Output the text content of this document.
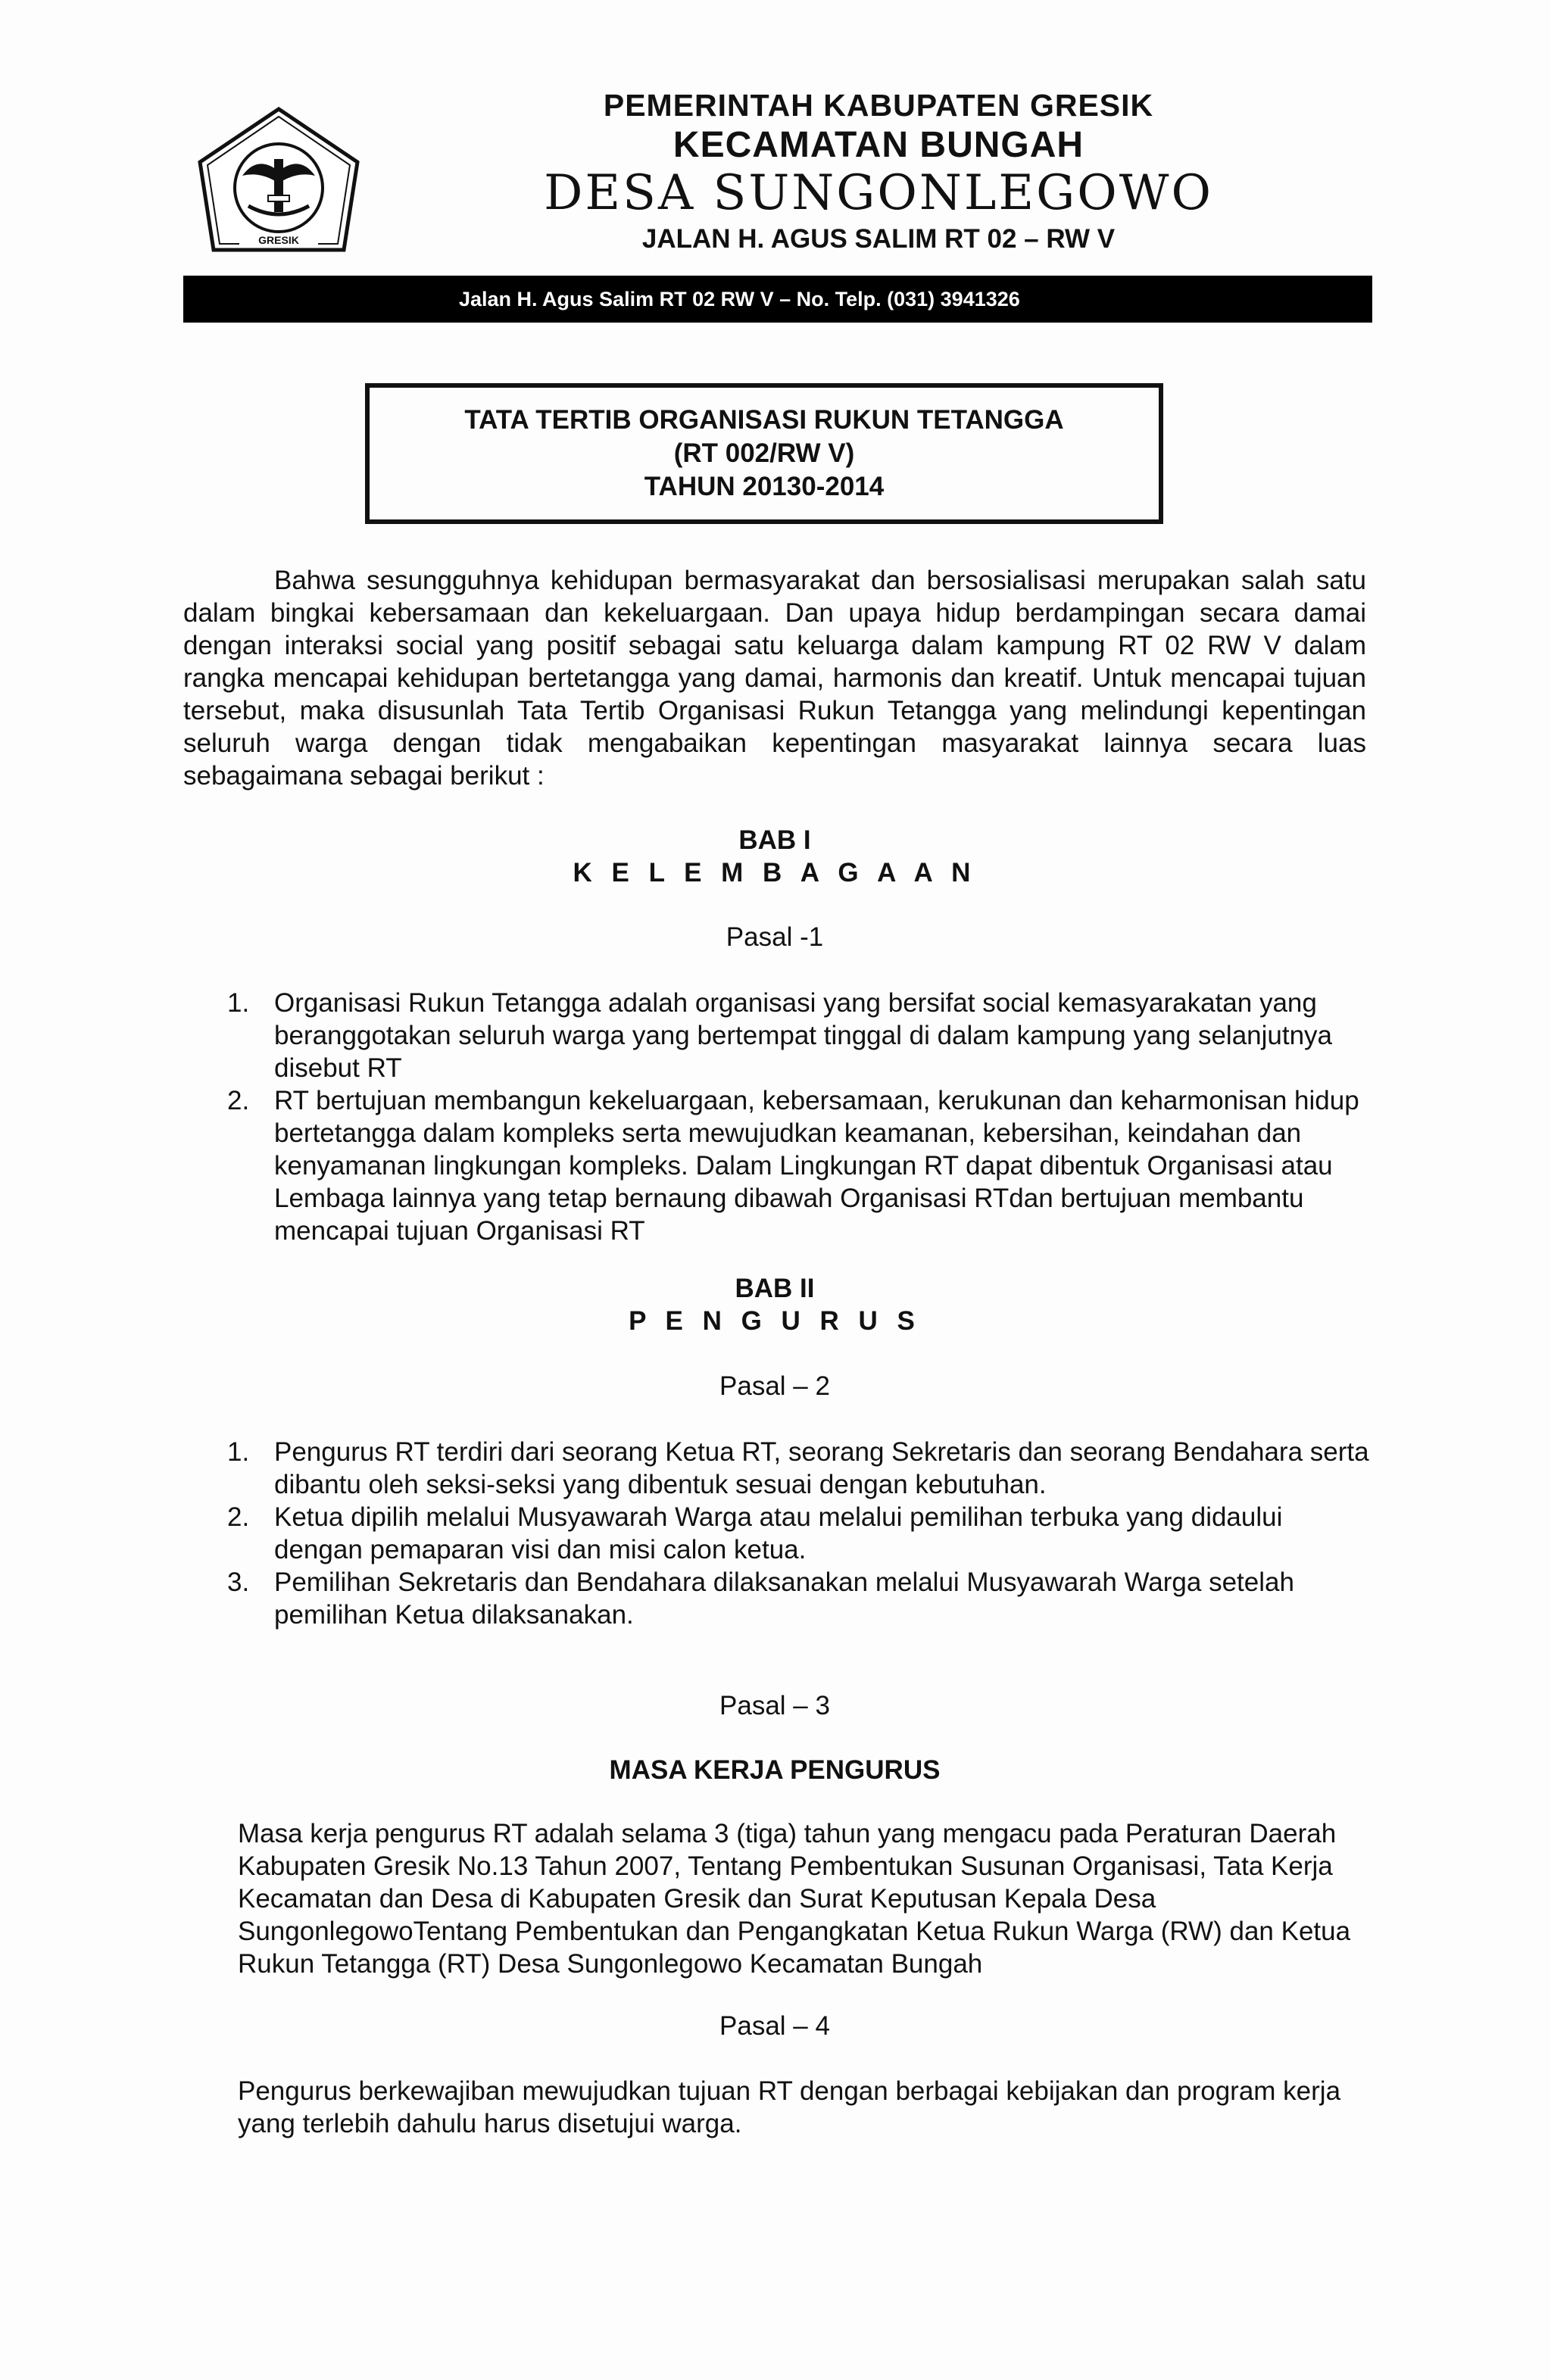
GRESIK
PEMERINTAH KABUPATEN GRESIK
KECAMATAN BUNGAH
DESA SUNGONLEGOWO
JALAN H. AGUS SALIM RT 02 – RW V
Jalan H. Agus Salim RT 02 RW V – No. Telp. (031) 3941326
TATA TERTIB ORGANISASI RUKUN TETANGGA
(RT 002/RW V)
TAHUN 20130-2014

Bahwa sesungguhnya kehidupan bermasyarakat dan bersosialisasi merupakan salah satu dalam bingkai kebersamaan dan kekeluargaan. Dan upaya hidup berdampingan secara damai dengan interaksi social yang positif sebagai satu keluarga dalam kampung RT 02 RW V dalam rangka mencapai kehidupan bertetangga yang damai, harmonis dan kreatif. Untuk mencapai tujuan tersebut, maka disusunlah Tata Tertib Organisasi Rukun Tetangga yang melindungi kepentingan seluruh warga dengan tidak mengabaikan kepentingan masyarakat lainnya secara luas sebagaimana sebagai berikut :

BAB I
K E L E M B A G A A N
Pasal -1
1. Organisasi Rukun Tetangga adalah organisasi yang bersifat social kemasyarakatan yang beranggotakan seluruh warga yang bertempat tinggal di dalam kampung yang selanjutnya disebut RT
2. RT bertujuan membangun kekeluargaan, kebersamaan, kerukunan dan keharmonisan hidup bertetangga dalam kompleks serta mewujudkan keamanan, kebersihan, keindahan dan kenyamanan lingkungan kompleks. Dalam Lingkungan RT dapat dibentuk Organisasi atau Lembaga lainnya yang tetap bernaung dibawah Organisasi RTdan bertujuan membantu mencapai tujuan Organisasi RT
BAB II
P E N G U R U S
Pasal – 2
1. Pengurus RT terdiri dari seorang Ketua RT, seorang Sekretaris dan seorang Bendahara serta dibantu oleh seksi-seksi yang dibentuk sesuai dengan kebutuhan.
2. Ketua dipilih melalui Musyawarah Warga atau melalui pemilihan terbuka yang didaului dengan pemaparan visi dan misi calon ketua.
3. Pemilihan Sekretaris dan Bendahara dilaksanakan melalui Musyawarah Warga setelah pemilihan Ketua dilaksanakan.
Pasal – 3
MASA KERJA PENGURUS

Masa kerja pengurus RT adalah selama 3 (tiga) tahun yang mengacu pada Peraturan Daerah Kabupaten Gresik No.13 Tahun 2007, Tentang Pembentukan Susunan Organisasi, Tata Kerja Kecamatan dan Desa di Kabupaten Gresik dan Surat Keputusan Kepala Desa SungonlegowoTentang Pembentukan dan Pengangkatan Ketua Rukun Warga (RW) dan Ketua Rukun Tetangga (RT) Desa Sungonlegowo Kecamatan Bungah

Pasal – 4

Pengurus berkewajiban mewujudkan tujuan RT dengan berbagai kebijakan dan program kerja yang terlebih dahulu harus disetujui warga.
